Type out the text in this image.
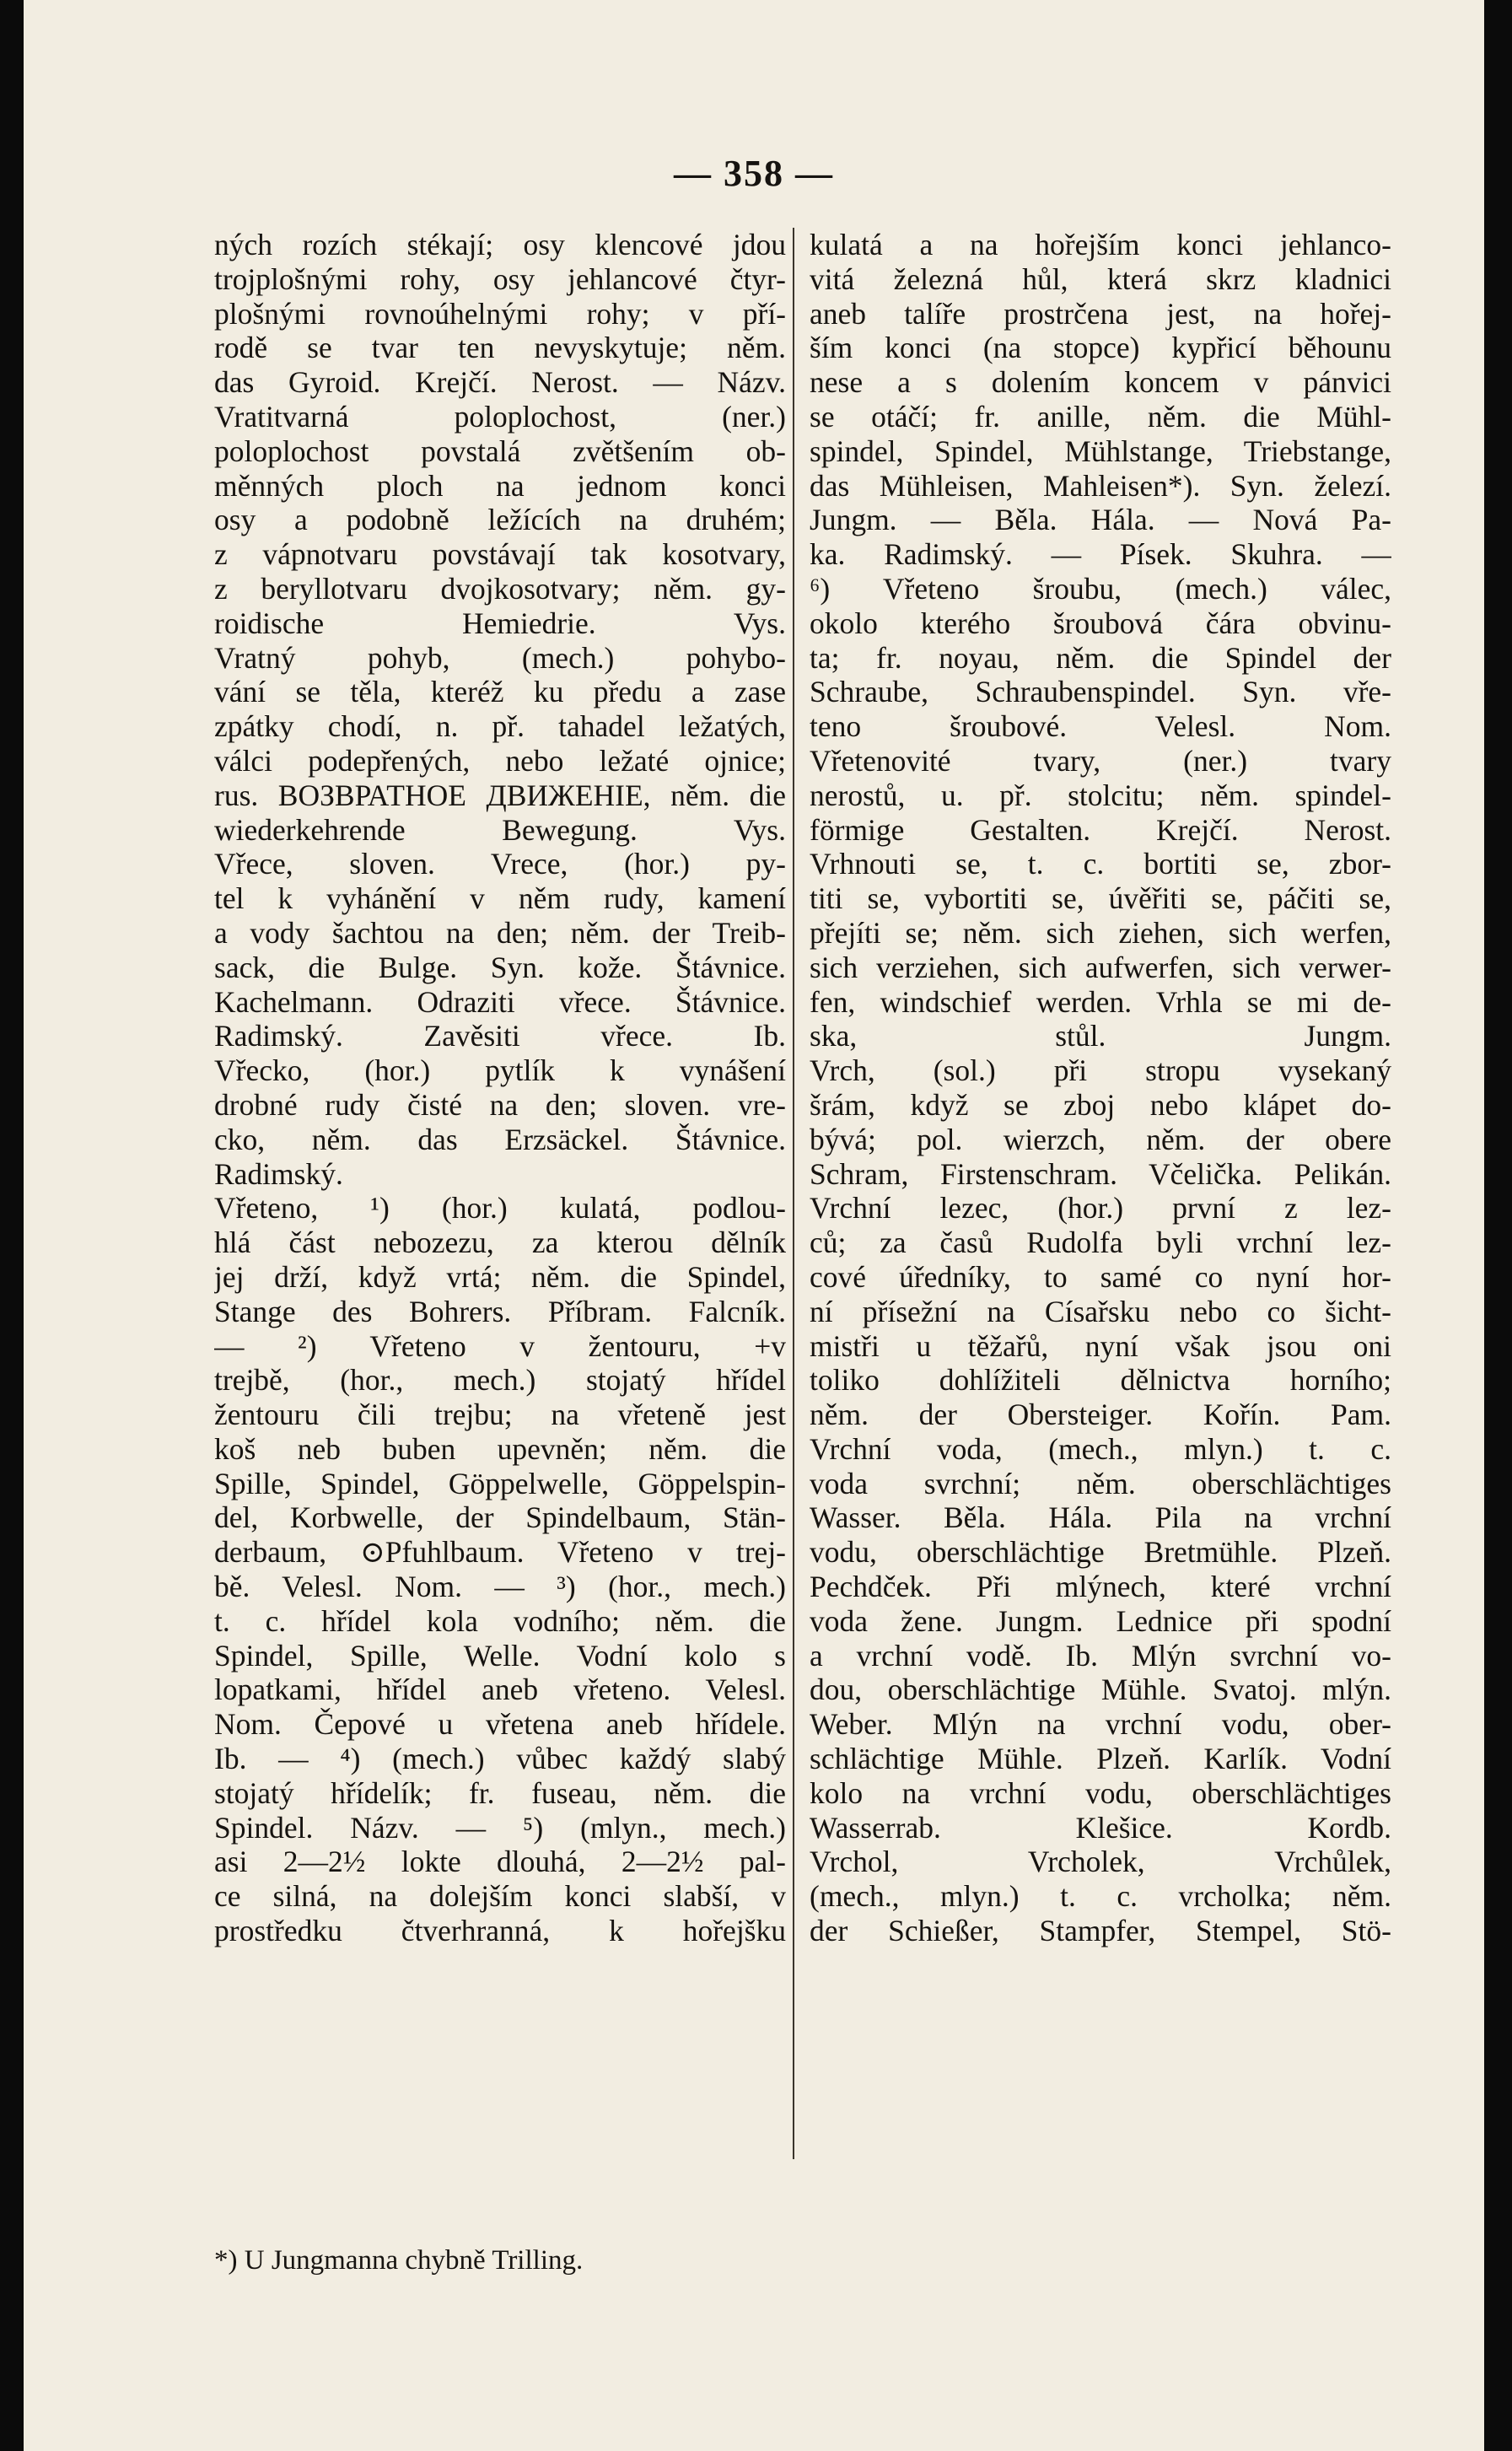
— 358 —
ných rozích stékají; osy klencové jdou
trojplošnými rohy, osy jehlancové čtyr-
plošnými rovnoúhelnými rohy; v pří-
rodě se tvar ten nevyskytuje; něm.
das Gyroid. Krejčí. Nerost. — Názv.
Vratitvarná poloplochost, (ner.)
poloplochost povstalá zvětšením ob-
měnných ploch na jednom konci
osy a podobně ležících na druhém;
z vápnotvaru povstávají tak kosotvary,
z beryllotvaru dvojkosotvary; něm. gy-
roidische Hemiedrie. Vys.
Vratný pohyb, (mech.) pohybo-
vání se těla, kteréž ku předu a zase
zpátky chodí, n. př. tahadel ležatých,
válci podepřených, nebo ležaté ojnice;
rus. ВОЗВРАТНОЕ ДВИЖЕНІЕ, něm. die
wiederkehrende Bewegung. Vys.
Vřece, sloven. Vrece, (hor.) py-
tel k vyhánění v něm rudy, kamení
a vody šachtou na den; něm. der Treib-
sack, die Bulge. Syn. kože. Štávnice.
Kachelmann. Odraziti vřece. Štávnice.
Radimský. Zavěsiti vřece. Ib.
Vřecko, (hor.) pytlík k vynášení
drobné rudy čisté na den; sloven. vre-
cko, něm. das Erzsäckel. Štávnice.
Radimský.
Vřeteno, ¹) (hor.) kulatá, podlou-
hlá část nebozezu, za kterou dělník
jej drží, když vrtá; něm. die Spindel,
Stange des Bohrers. Příbram. Falcník.
— ²) Vřeteno v žentouru, +v
trejbě, (hor., mech.) stojatý hřídel
žentouru čili trejbu; na vřeteně jest
koš neb buben upevněn; něm. die
Spille, Spindel, Göppelwelle, Göppelspin-
del, Korbwelle, der Spindelbaum, Stän-
derbaum, ⊙Pfuhlbaum. Vřeteno v trej-
bě. Velesl. Nom. — ³) (hor., mech.)
t. c. hřídel kola vodního; něm. die
Spindel, Spille, Welle. Vodní kolo s
lopatkami, hřídel aneb vřeteno. Velesl.
Nom. Čepové u vřetena aneb hřídele.
Ib. — ⁴) (mech.) vůbec každý slabý
stojatý hřídelík; fr. fuseau, něm. die
Spindel. Názv. — ⁵) (mlyn., mech.)
asi 2—2½ lokte dlouhá, 2—2½ pal-
ce silná, na dolejším konci slabší, v
prostředku čtverhranná, k hořejšku
kulatá a na hořejším konci jehlanco-
vitá železná hůl, která skrz kladnici
aneb talíře prostrčena jest, na hořej-
ším konci (na stopce) kypřicí běhounu
nese a s dolením koncem v pánvici
se otáčí; fr. anille, něm. die Mühl-
spindel, Spindel, Mühlstange, Triebstange,
das Mühleisen, Mahleisen*). Syn. železí.
Jungm. — Běla. Hála. — Nová Pa-
ka. Radimský. — Písek. Skuhra. —
⁶) Vřeteno šroubu, (mech.) válec,
okolo kterého šroubová čára obvinu-
ta; fr. noyau, něm. die Spindel der
Schraube, Schraubenspindel. Syn. vře-
teno šroubové. Velesl. Nom.
Vřetenovité tvary, (ner.) tvary
nerostů, u. př. stolcitu; něm. spindel-
förmige Gestalten. Krejčí. Nerost.
Vrhnouti se, t. c. bortiti se, zbor-
titi se, vybortiti se, úvěřiti se, páčiti se,
přejíti se; něm. sich ziehen, sich werfen,
sich verziehen, sich aufwerfen, sich verwer-
fen, windschief werden. Vrhla se mi de-
ska, stůl. Jungm.
Vrch, (sol.) při stropu vysekaný
šrám, když se zboj nebo klápet do-
bývá; pol. wierzch, něm. der obere
Schram, Firstenschram. Včelička. Pelikán.
Vrchní lezec, (hor.) první z lez-
ců; za časů Rudolfa byli vrchní lez-
cové úředníky, to samé co nyní hor-
ní přísežní na Císařsku nebo co šicht-
mistři u těžařů, nyní však jsou oni
toliko dohlížiteli dělnictva horního;
něm. der Obersteiger. Kořín. Pam.
Vrchní voda, (mech., mlyn.) t. c.
voda svrchní; něm. oberschlächtiges
Wasser. Běla. Hála. Pila na vrchní
vodu, oberschlächtige Bretmühle. Plzeň.
Pechdček. Při mlýnech, které vrchní
voda žene. Jungm. Lednice při spodní
a vrchní vodě. Ib. Mlýn svrchní vo-
dou, oberschlächtige Mühle. Svatoj. mlýn.
Weber. Mlýn na vrchní vodu, ober-
schlächtige Mühle. Plzeň. Karlík. Vodní
kolo na vrchní vodu, oberschlächtiges
Wasserrab. Klešice. Kordb.
Vrchol, Vrcholek, Vrchůlek,
(mech., mlyn.) t. c. vrcholka; něm.
der Schießer, Stampfer, Stempel, Stö-
*) U Jungmanna chybně Trilling.
